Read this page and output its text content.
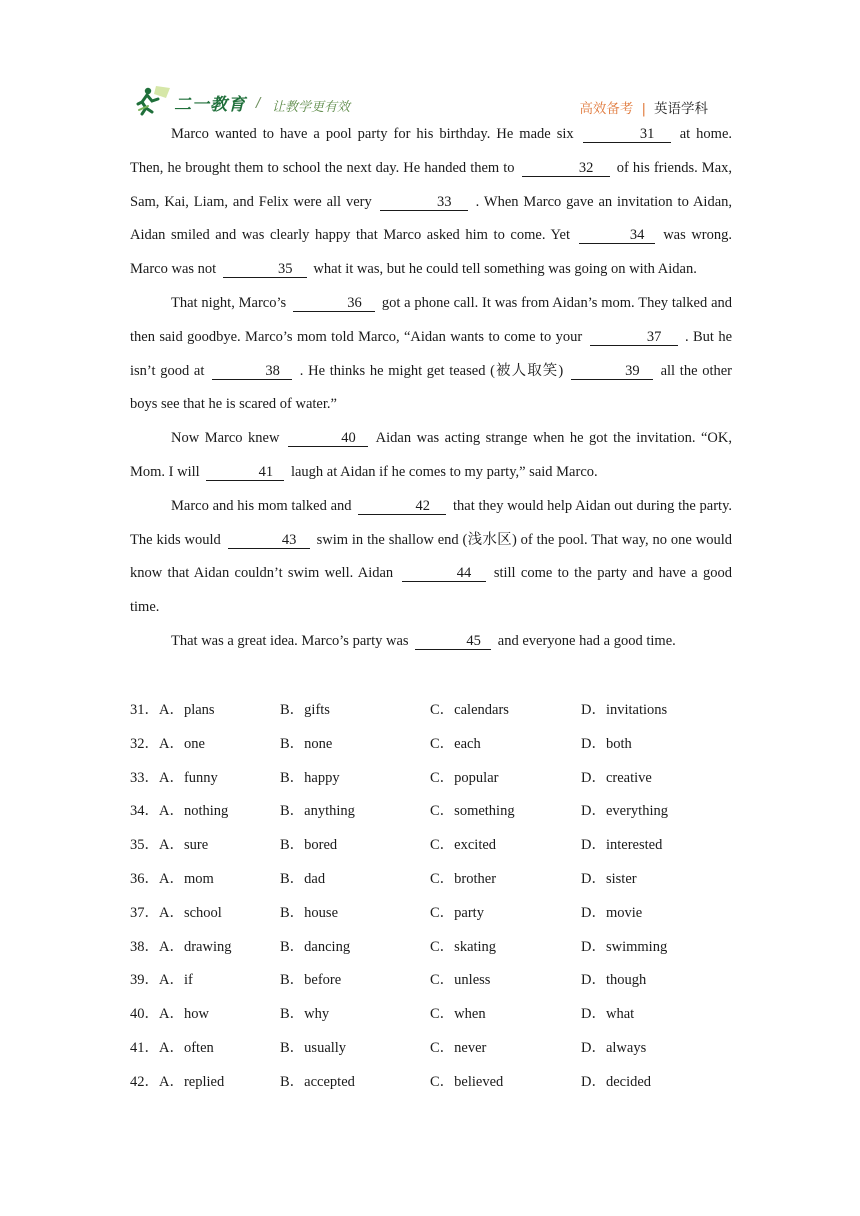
二一教育 / 让教学更有效	高效备考 | 英语学科

Marco wanted to have a pool party for his birthday. He made six	31 at home. Then, he brought them to school the next day. He handed them to	32 of his friends. Max, Sam, Kai, Liam, and Felix were all very	33 . When Marco gave an invitation to Aidan, Aidan smiled and was clearly happy that Marco asked him to come. Yet	34 was wrong. Marco was not	35 what it was, but he could tell something was going on with Aidan.

That night, Marco’s	36 got a phone call. It was from Aidan’s mom. They talked and then said goodbye. Marco’s mom told Marco, “Aidan wants to come to your	37 . But he isn’t good at	38 . He thinks he might get teased (被人取笑)	39 all the other boys see that he is scared of water.”

Now Marco knew	40 Aidan was acting strange when he got the invitation. “OK, Mom. I will	41 laugh at Aidan if he comes to my party,” said Marco.

Marco and his mom talked and	42 that they would help Aidan out during the party. The kids would	43 swim in the shallow end (浅水区) of the pool. That way, no one would know that Aidan couldn’t swim well. Aidan	44 still come to the party and have a good time.

That was a great idea. Marco’s party was	45 and everyone had a good time.

31．A．plans	B．gifts	C．calendars	D．invitations
32．A．one	B．none	C．each	D．both
33．A．funny	B．happy	C．popular	D．creative
34．A．nothing	B．anything	C．something	D．everything
35．A．sure	B．bored	C．excited	D．interested
36．A．mom	B．dad	C．brother	D．sister
37．A．school	B．house	C．party	D．movie
38．A．drawing	B．dancing	C．skating	D．swimming
39．A．if	B．before	C．unless	D．though
40．A．how	B．why	C．when	D．what
41．A．often	B．usually	C．never	D．always
42．A．replied	B．accepted	C．believed	D．decided
